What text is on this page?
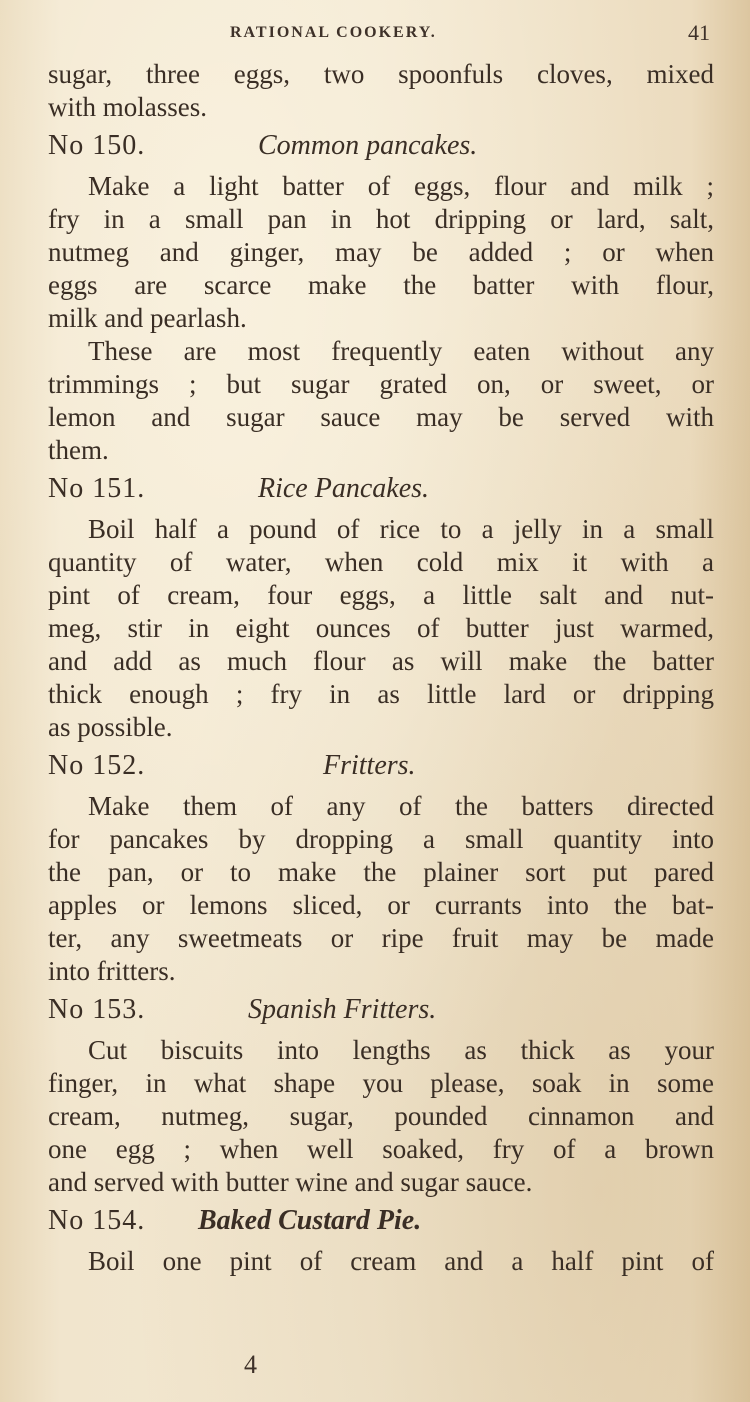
RATIONAL COOKERY.	41
sugar, three eggs, two spoonfuls cloves, mixed
with molasses.
No 150.	Common pancakes.
Make a light batter of eggs, flour and milk ;
fry in a small pan in hot dripping or lard, salt,
nutmeg and ginger, may be added ; or when
eggs are scarce make the batter with flour,
milk and pearlash.
These are most frequently eaten without any
trimmings ; but sugar grated on, or sweet, or
lemon and sugar sauce may be served with
them.
No 151.	Rice Pancakes.
Boil half a pound of rice to a jelly in a small
quantity of water, when cold mix it with a
pint of cream, four eggs, a little salt and nut-
meg, stir in eight ounces of butter just warmed,
and add as much flour as will make the batter
thick enough ; fry in as little lard or dripping
as possible.
No 152.	Fritters.
Make them of any of the batters directed
for pancakes by dropping a small quantity into
the pan, or to make the plainer sort put pared
apples or lemons sliced, or currants into the bat-
ter, any sweetmeats or ripe fruit may be made
into fritters.
No 153.	Spanish Fritters.
Cut biscuits into lengths as thick as your
finger, in what shape you please, soak in some
cream, nutmeg, sugar, pounded cinnamon and
one egg ; when well soaked, fry of a brown
and served with butter wine and sugar sauce.
No 154.	Baked Custard Pie.
Boil one pint of cream and a half pint of
4
